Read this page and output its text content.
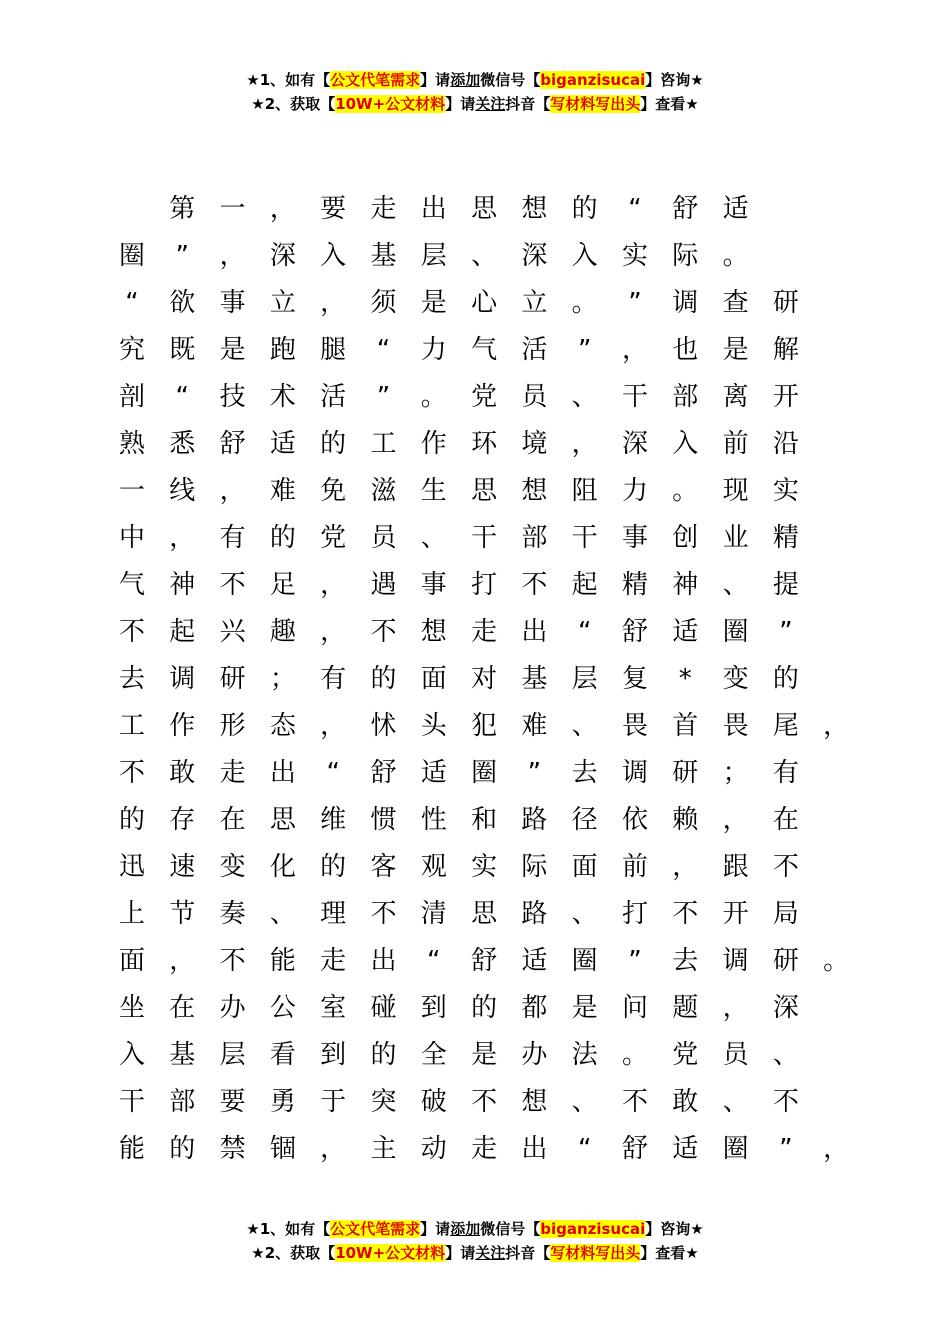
★1、如有【公文代笔需求】请添加微信号【biganzisucai】咨询★
★2、获取【10W+公文材料】请关注抖音【写材料写出头】查看★

第 一 ， 要 走 出 思 想 的	“	舒 适
圈	”	， 深 入 基 层 、 深 入 实 际 。
“	欲 事 立 ， 须 是 心 立 。	”	调 查 研
究 既 是 跑 腿	“	力 气 活	”	， 也 是 解
剖	“	技 术 活	”	。 党 员 、 干 部 离 开
熟 悉 舒 适 的 工 作 环 境 ， 深 入 前 沿
一 线 ， 难 免 滋 生 思 想 阻 力 。 现 实
中 ， 有 的 党 员 、 干 部 干 事 创 业 精
气 神 不 足 ， 遇 事 打 不 起 精 神 、 提
不 起 兴 趣 ， 不 想 走 出	“	舒 适 圈	”
去 调 研 ； 有 的 面 对 基 层 复	*	变 的
工 作 形 态 ， 怵 头 犯 难 、 畏 首 畏 尾 ，
不 敢 走 出	“	舒 适 圈	”	去 调 研 ； 有
的 存 在 思 维 惯 性 和 路 径 依 赖 ， 在
迅 速 变 化 的 客 观 实 际 面 前 ， 跟 不
上 节 奏 、 理 不 清 思 路 、 打 不 开 局
面 ， 不 能 走 出	“	舒 适 圈	”	去 调 研 。
坐 在 办 公 室 碰 到 的 都 是 问 题 ， 深
入 基 层 看 到 的 全 是 办 法 。 党 员 、
干 部 要 勇 于 突 破 不 想 、 不 敢 、 不
能 的 禁 锢 ， 主 动 走 出	“	舒 适 圈	”	，
★1、如有【公文代笔需求】请添加微信号【biganzisucai】咨询★
★2、获取【10W+公文材料】请关注抖音【写材料写出头】查看★
